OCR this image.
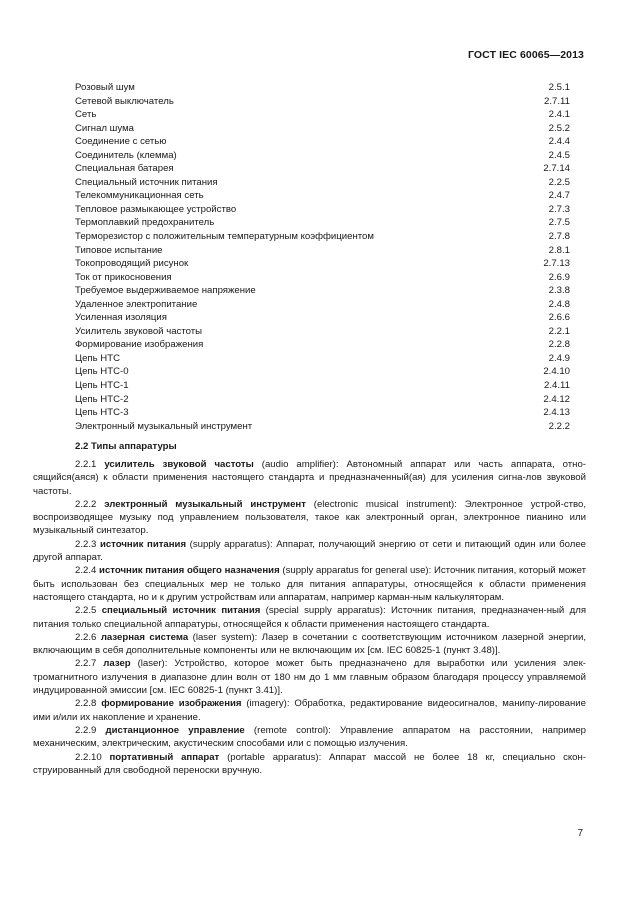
ГОСТ IEC 60065—2013
Розовый шум	2.5.1
Сетевой выключатель	2.7.11
Сеть	2.4.1
Сигнал шума	2.5.2
Соединение с сетью	2.4.4
Соединитель (клемма)	2.4.5
Специальная батарея	2.7.14
Специальный источник питания	2.2.5
Телекоммуникационная сеть	2.4.7
Тепловое размыкающее устройство	2.7.3
Термоплавкий предохранитель	2.7.5
Терморезистор с положительным температурным коэффициентом	2.7.8
Типовое испытание	2.8.1
Токопроводящий рисунок	2.7.13
Ток от прикосновения	2.6.9
Требуемое выдерживаемое напряжение	2.3.8
Удаленное электропитание	2.4.8
Усиленная изоляция	2.6.6
Усилитель звуковой частоты	2.2.1
Формирование изображения	2.2.8
Цепь НТС	2.4.9
Цепь НТС-0	2.4.10
Цепь НТС-1	2.4.11
Цепь НТС-2	2.4.12
Цепь НТС-3	2.4.13
Электронный музыкальный инструмент	2.2.2
2.2 Типы аппаратуры

2.2.1 усилитель звуковой частоты (audio amplifier): Автономный аппарат или часть аппарата, отно-сящийся(аяся) к области применения настоящего стандарта и предназначенный(ая) для усиления сигна-лов звуковой частоты.

2.2.2 электронный музыкальный инструмент (electronic musical instrument): Электронное устрой-ство, воспроизводящее музыку под управлением пользователя, такое как электронный орган, электронное пианино или музыкальный синтезатор.

2.2.3 источник питания (supply apparatus): Аппарат, получающий энергию от сети и питающий один или более другой аппарат.

2.2.4 источник питания общего назначения (supply apparatus for general use): Источник питания, который может быть использован без специальных мер не только для питания аппаратуры, относящейся к области применения настоящего стандарта, но и к другим устройствам или аппаратам, например карман-ным калькуляторам.

2.2.5 специальный источник питания (special supply apparatus): Источник питания, предназначен-ный для питания только специальной аппаратуры, относящейся к области применения настоящего стандарта.

2.2.6 лазерная система (laser system): Лазер в сочетании с соответствующим источником лазерной энергии, включающим в себя дополнительные компоненты или не включающим их [см. IEC 60825-1 (пункт 3.48)].

2.2.7 лазер (laser): Устройство, которое может быть предназначено для выработки или усиления элек-тромагнитного излучения в диапазоне длин волн от 180 нм до 1 мм главным образом благодаря процессу управляемой индуцированной эмиссии [см. IEC 60825-1 (пункт 3.41)].

2.2.8 формирование изображения (imagery): Обработка, редактирование видеосигналов, манипу-лирование ими и/или их накопление и хранение.

2.2.9 дистанционное управление (remote control): Управление аппаратом на расстоянии, например механическим, электрическим, акустическим способами или с помощью излучения.

2.2.10 портативный аппарат (portable apparatus): Аппарат массой не более 18 кг, специально скон-струированный для свободной переноски вручную.

7
